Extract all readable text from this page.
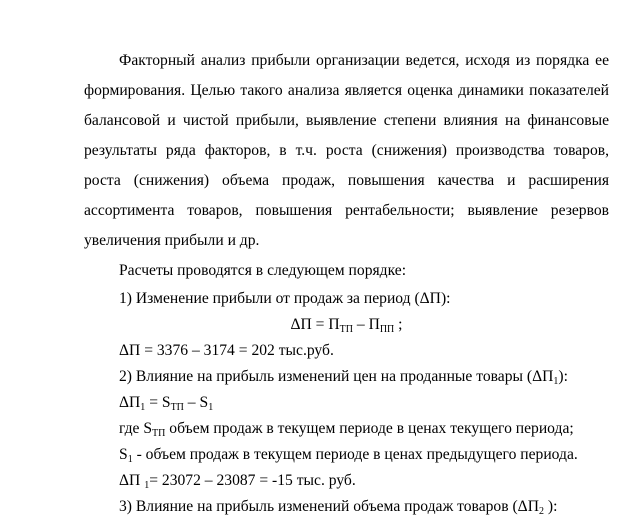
Факторный анализ прибыли организации ведется, исходя из порядка ее
формирования. Целью такого анализа является оценка динамики показателей
балансовой и чистой прибыли, выявление степени влияния на финансовые
результаты ряда факторов, в т.ч. роста (снижения) производства товаров,
роста (снижения) объема продаж, повышения качества и расширения
ассортимента товаров, повышения рентабельности; выявление резервов
увеличения прибыли и др.
Расчеты проводятся в следующем порядке:
1) Изменение прибыли от продаж за период (ΔП):
$\Delta П = П_{ТП} - П_{ПП}$ ;
ΔП = 3376 – 3174 = 202 тыс.руб.
2) Влияние на прибыль изменений цен на проданные товары $(\Delta П_1)$:
$\Delta П_1 = S_{ТП} - S_1$
где $S_{ТП}$ объем продаж в текущем периоде в ценах текущего периода;
$S_1$ - объем продаж в текущем периоде в ценах предыдущего периода.
ΔП $_1$= 23072 – 23087 = -15 тыс. руб.
3) Влияние на прибыль изменений объема продаж товаров ($\Delta П_2$ ):
